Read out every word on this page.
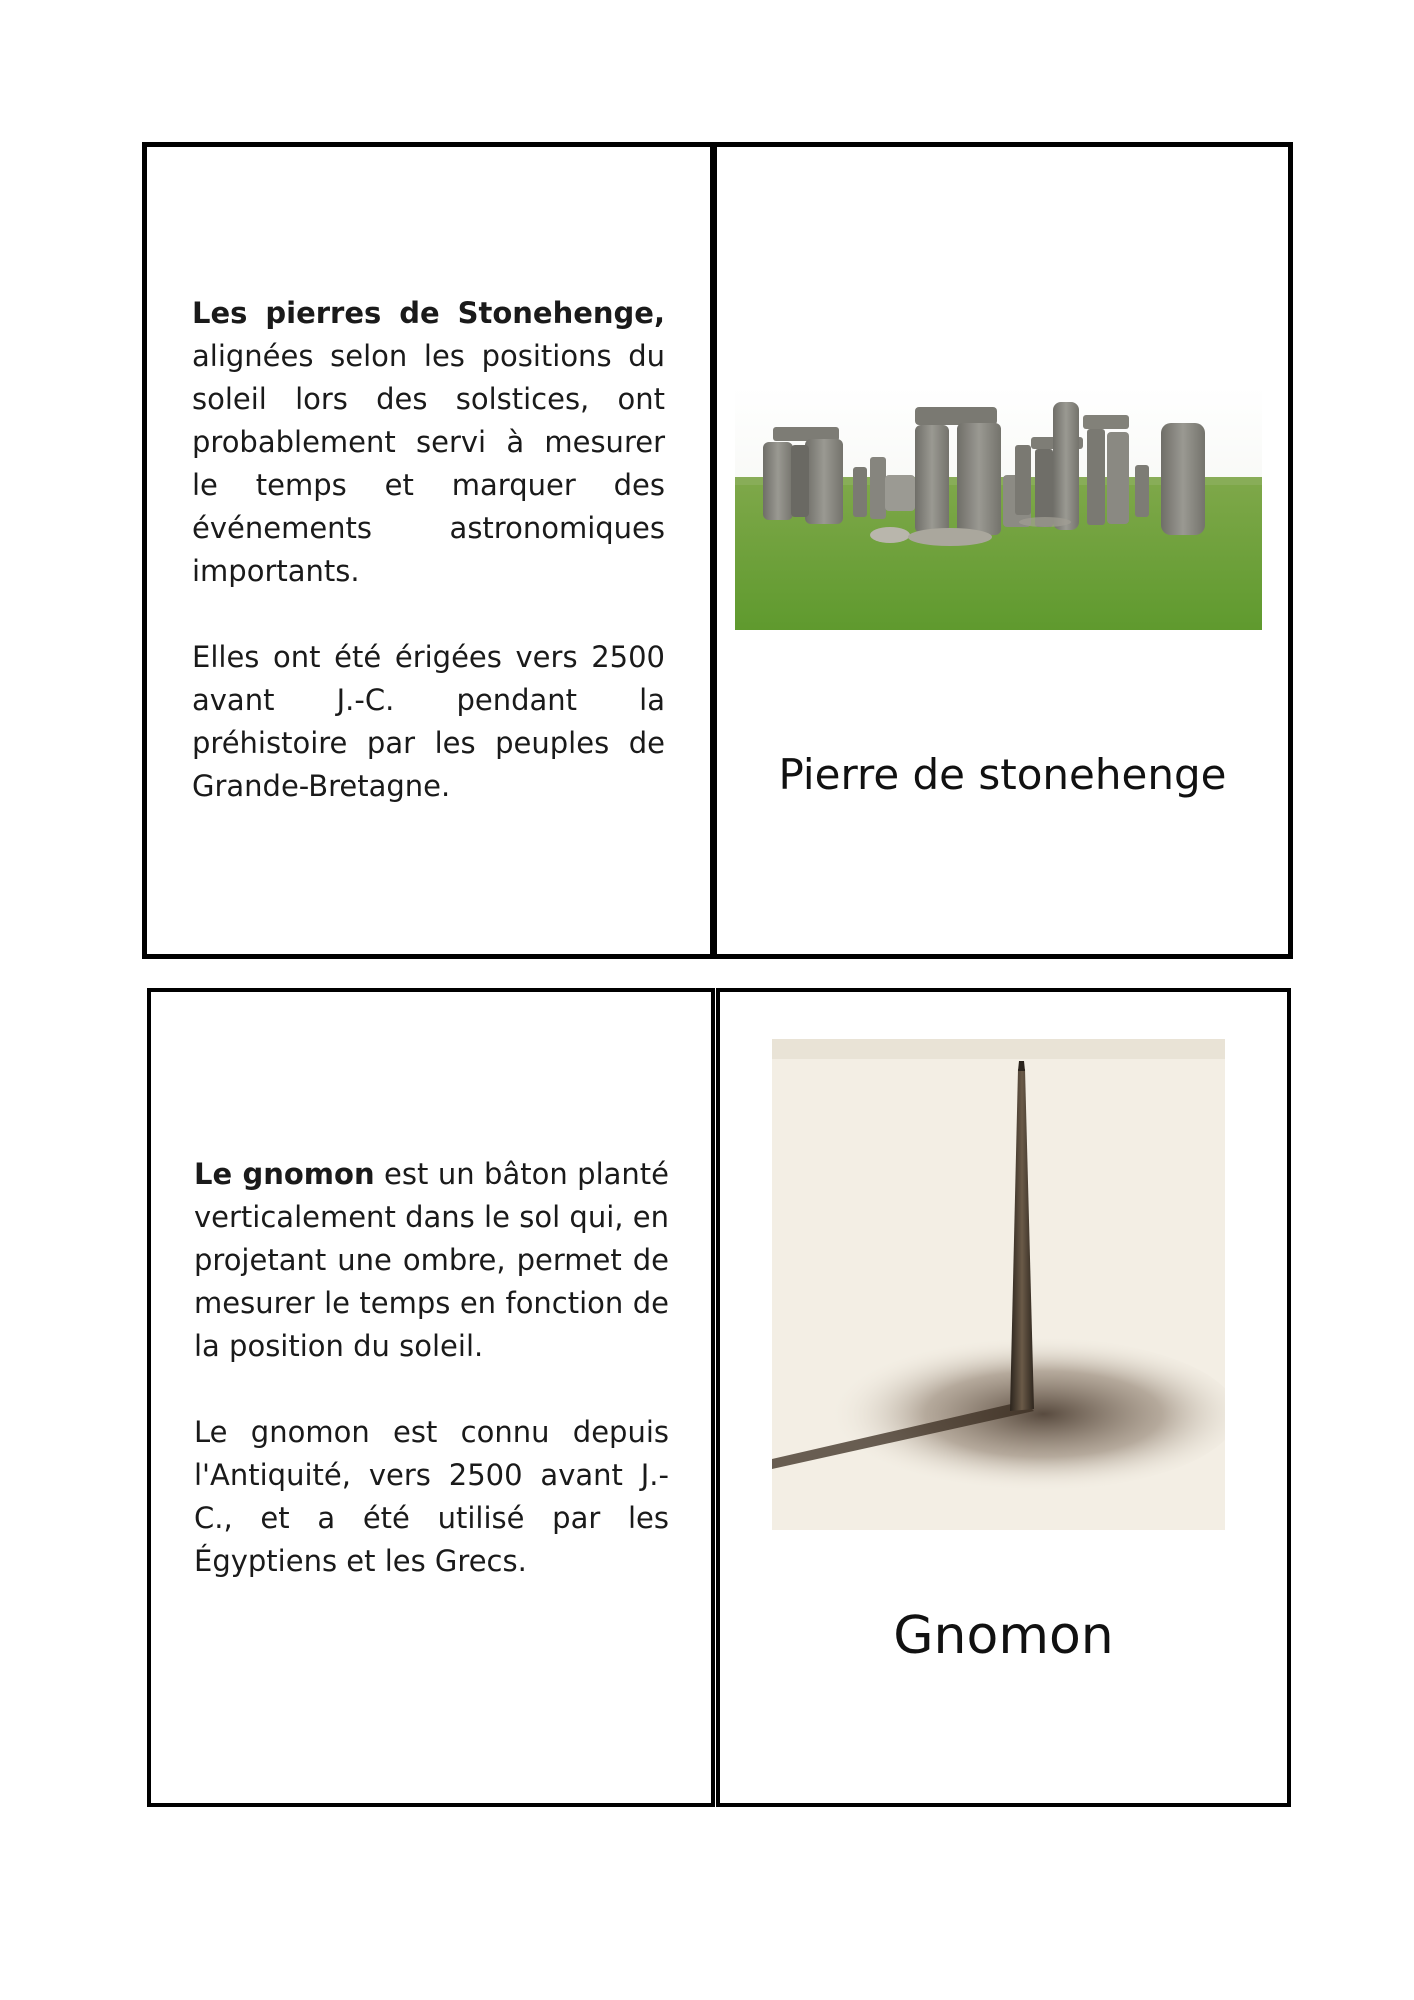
Les pierres de Stonehenge, alignées selon les positions du soleil lors des solstices, ont probablement servi à mesurer le temps et marquer des événements astronomiques importants.

Elles ont été érigées vers 2500 avant J.-C. pendant la préhistoire par les peuples de Grande-Bretagne.	Pierre de stonehenge

Le gnomon est un bâton planté verticalement dans le sol qui, en projetant une ombre, permet de mesurer le temps en fonction de la position du soleil.

Le gnomon est connu depuis l'Antiquité, vers 2500 avant J.-C., et a été utilisé par les Égyptiens et les Grecs.

Gnomon
